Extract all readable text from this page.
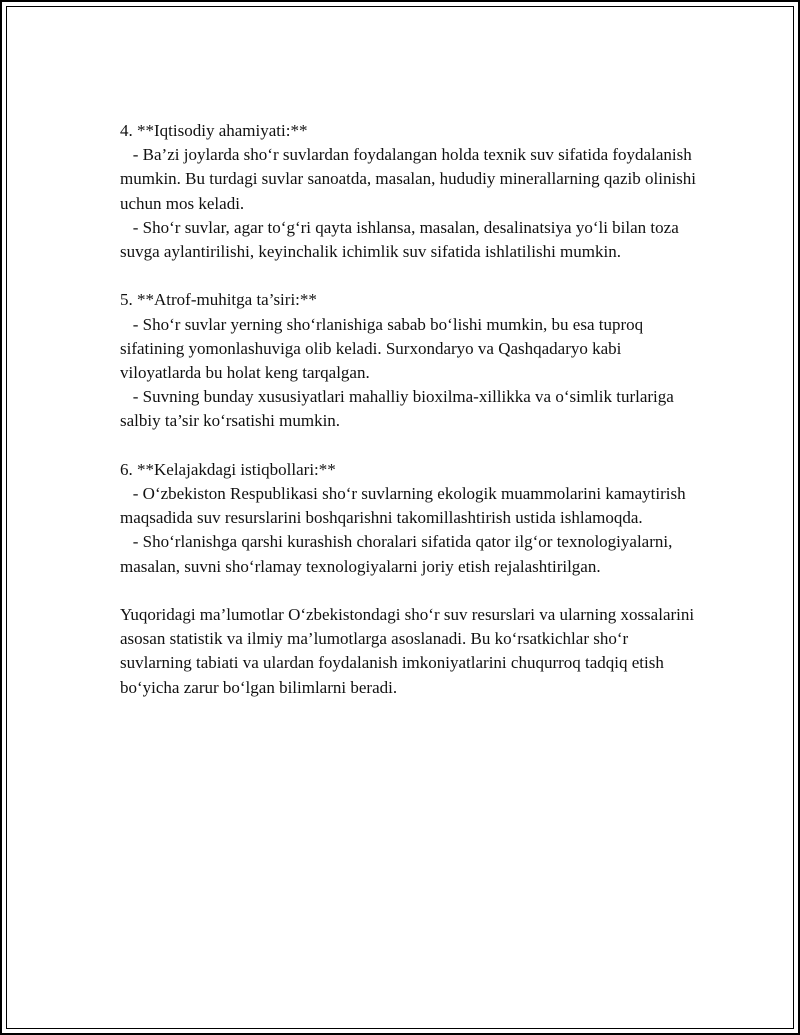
4. **Iqtisodiy ahamiyati:**
- Ba’zi joylarda sho‘r suvlardan foydalangan holda texnik suv sifatida foydalanish mumkin. Bu turdagi suvlar sanoatda, masalan, hududiy minerallarning qazib olinishi uchun mos keladi.
- Sho‘r suvlar, agar to‘g‘ri qayta ishlansa, masalan, desalinatsiya yo‘li bilan toza suvga aylantirilishi, keyinchalik ichimlik suv sifatida ishlatilishi mumkin.
5. **Atrof-muhitga ta’siri:**
- Sho‘r suvlar yerning sho‘rlanishiga sabab bo‘lishi mumkin, bu esa tuproq sifatining yomonlashuviga olib keladi. Surxondaryo va Qashqadaryo kabi viloyatlarda bu holat keng tarqalgan.
- Suvning bunday xususiyatlari mahalliy bioxilma-xillikka va o‘simlik turlariga salbiy ta’sir ko‘rsatishi mumkin.
6. **Kelajakdagi istiqbollari:**
- O‘zbekiston Respublikasi sho‘r suvlarning ekologik muammolarini kamaytirish maqsadida suv resurslarini boshqarishni takomillashtirish ustida ishlamoqda.
- Sho‘rlanishga qarshi kurashish choralari sifatida qator ilg‘or texnologiyalarni, masalan, suvni sho‘rlamay texnologiyalarni joriy etish rejalashtirilgan.
Yuqoridagi ma’lumotlar O‘zbekistondagi sho‘r suv resurslari va ularning xossalarini asosan statistik va ilmiy ma’lumotlarga asoslanadi. Bu ko‘rsatkichlar sho‘r suvlarning tabiati va ulardan foydalanish imkoniyatlarini chuqurroq tadqiq etish bo‘yicha zarur bo‘lgan bilimlarni beradi.
